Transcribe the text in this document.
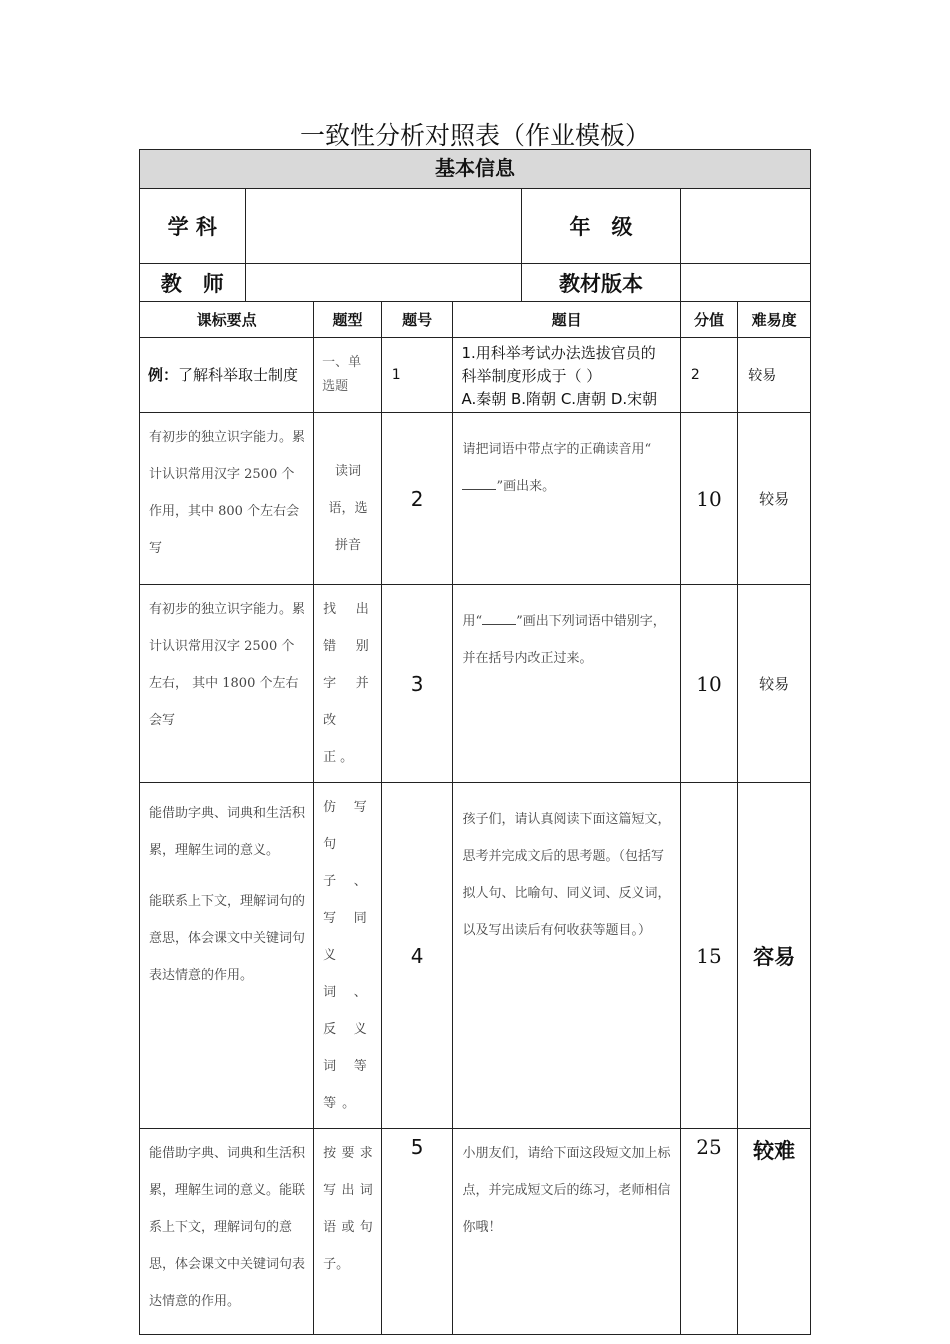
一致性分析对照表（作业模板）
基本信息							
学 科					年　级		
教　师					教材版本		
课标要点		题型	题号	题目		分值	难易度
例：了解科举取士制度		一、单选题	1	1.用科举考试办法选拔官员的
科举制度形成于（ ）
A.秦朝 B.隋朝 C.唐朝 D.宋朝		2	较易
有初步的独立识字能力。累计认识常用汉字 2500 个作用，其中 800 个左右会写		读词语，选拼音	2	请把词语中带点字的正确读音用“”画出来。		10	较易
有初步的独立识字能力。累计认识常用汉字 2500 个左右， 其中 1800 个左右会写		找出错别字并改正。	3	用“ ”画出下列词语中错别字，并在括号内改正过来。		10	较易

能借助字典、词典和生活积累，理解生词的意义。
能联系上下文，理解词句的意思，体会课文中关键词句表达情意的作用。		仿写句子、写同义词、反义词等等。	4	孩子们，请认真阅读下面这篇短文，思考并完成文后的思考题。（包括写拟人句、比喻句、同义词、反义词，以及写出读后有何收获等题目。）		15	容易
能借助字典、词典和生活积累，理解生词的意义。能联系上下文，理解词句的意思，体会课文中关键词句表达情意的作用。		按要求写出词语或句子。	5	小朋友们，请给下面这段短文加上标点，并完成短文后的练习，老师相信你哦！		25	较难
